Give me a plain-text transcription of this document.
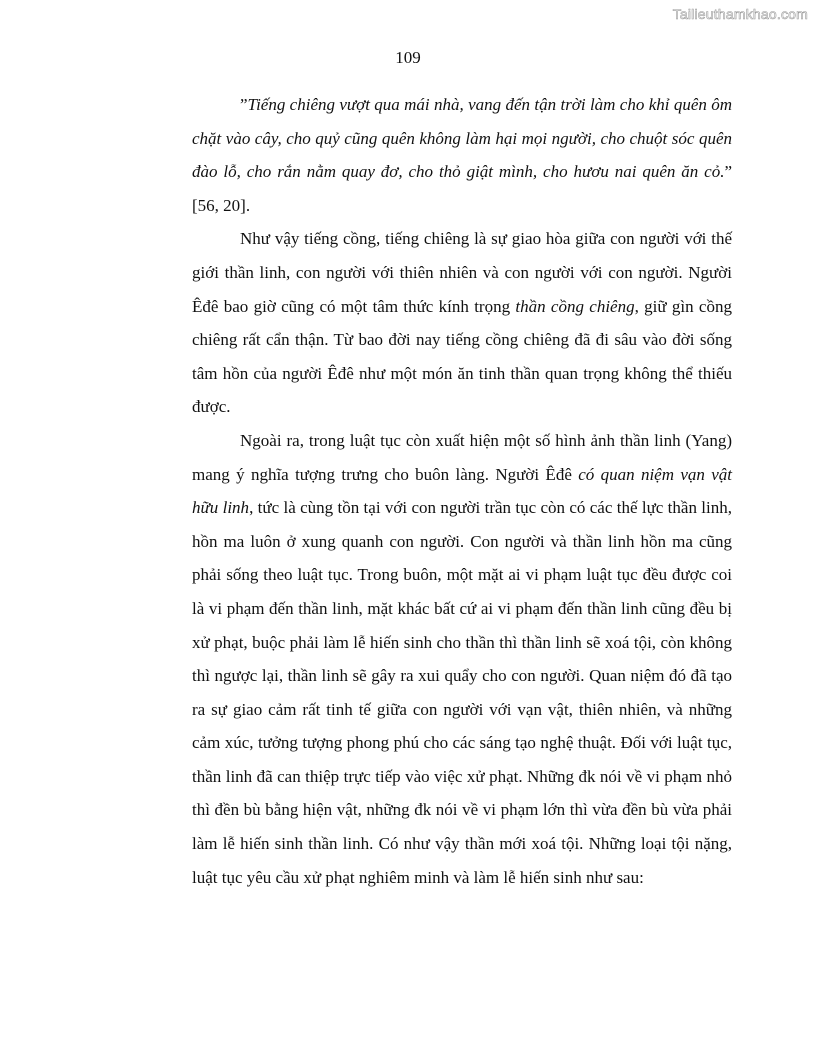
Tailieuthamkhao.com
109

”Tiếng chiêng vượt qua mái nhà, vang đến tận trời làm cho khỉ quên ôm chặt vào cây, cho quỷ cũng quên không làm hại mọi người, cho chuột sóc quên đào lỗ, cho rắn nằm quay đơ, cho thỏ giật mình, cho hươu nai quên ăn cỏ.” [56, 20].

Như vậy tiếng cồng, tiếng chiêng là sự giao hòa giữa con người với thế giới thần linh, con người với thiên nhiên và con người với con người. Người Êđê bao giờ cũng có một tâm thức kính trọng thần cồng chiêng, giữ gìn cồng chiêng rất cẩn thận. Từ bao đời nay tiếng cồng chiêng đã đi sâu vào đời sống tâm hồn của người Êđê như một món ăn tinh thần quan trọng không thể thiếu được.

Ngoài ra, trong luật tục còn xuất hiện một số hình ảnh thần linh (Yang) mang ý nghĩa tượng trưng cho buôn làng. Người Êđê có quan niệm vạn vật hữu linh, tức là cùng tồn tại với con người trần tục còn có các thế lực thần linh, hồn ma luôn ở xung quanh con người. Con người và thần linh hồn ma cũng phải sống theo luật tục. Trong buôn, một mặt ai vi phạm luật tục đều được coi là vi phạm đến thần linh, mặt khác bất cứ ai vi phạm đến thần linh cũng đều bị xử phạt, buộc phải làm lễ hiến sinh cho thần thì thần linh sẽ xoá tội, còn không thì ngược lại, thần linh sẽ gây ra xui quẩy cho con người. Quan niệm đó đã tạo ra sự giao cảm rất tinh tế giữa con người với vạn vật, thiên nhiên, và những cảm xúc, tưởng tượng phong phú cho các sáng tạo nghệ thuật. Đối với luật tục, thần linh đã can thiệp trực tiếp vào việc xử phạt. Những đk nói về vi phạm nhỏ thì đền bù bằng hiện vật, những đk nói về vi phạm lớn thì vừa đền bù vừa phải làm lễ hiến sinh thần linh. Có như vậy thần mới xoá tội. Những loại tội nặng, luật tục yêu cầu xử phạt nghiêm minh và làm lễ hiến sinh như sau:
